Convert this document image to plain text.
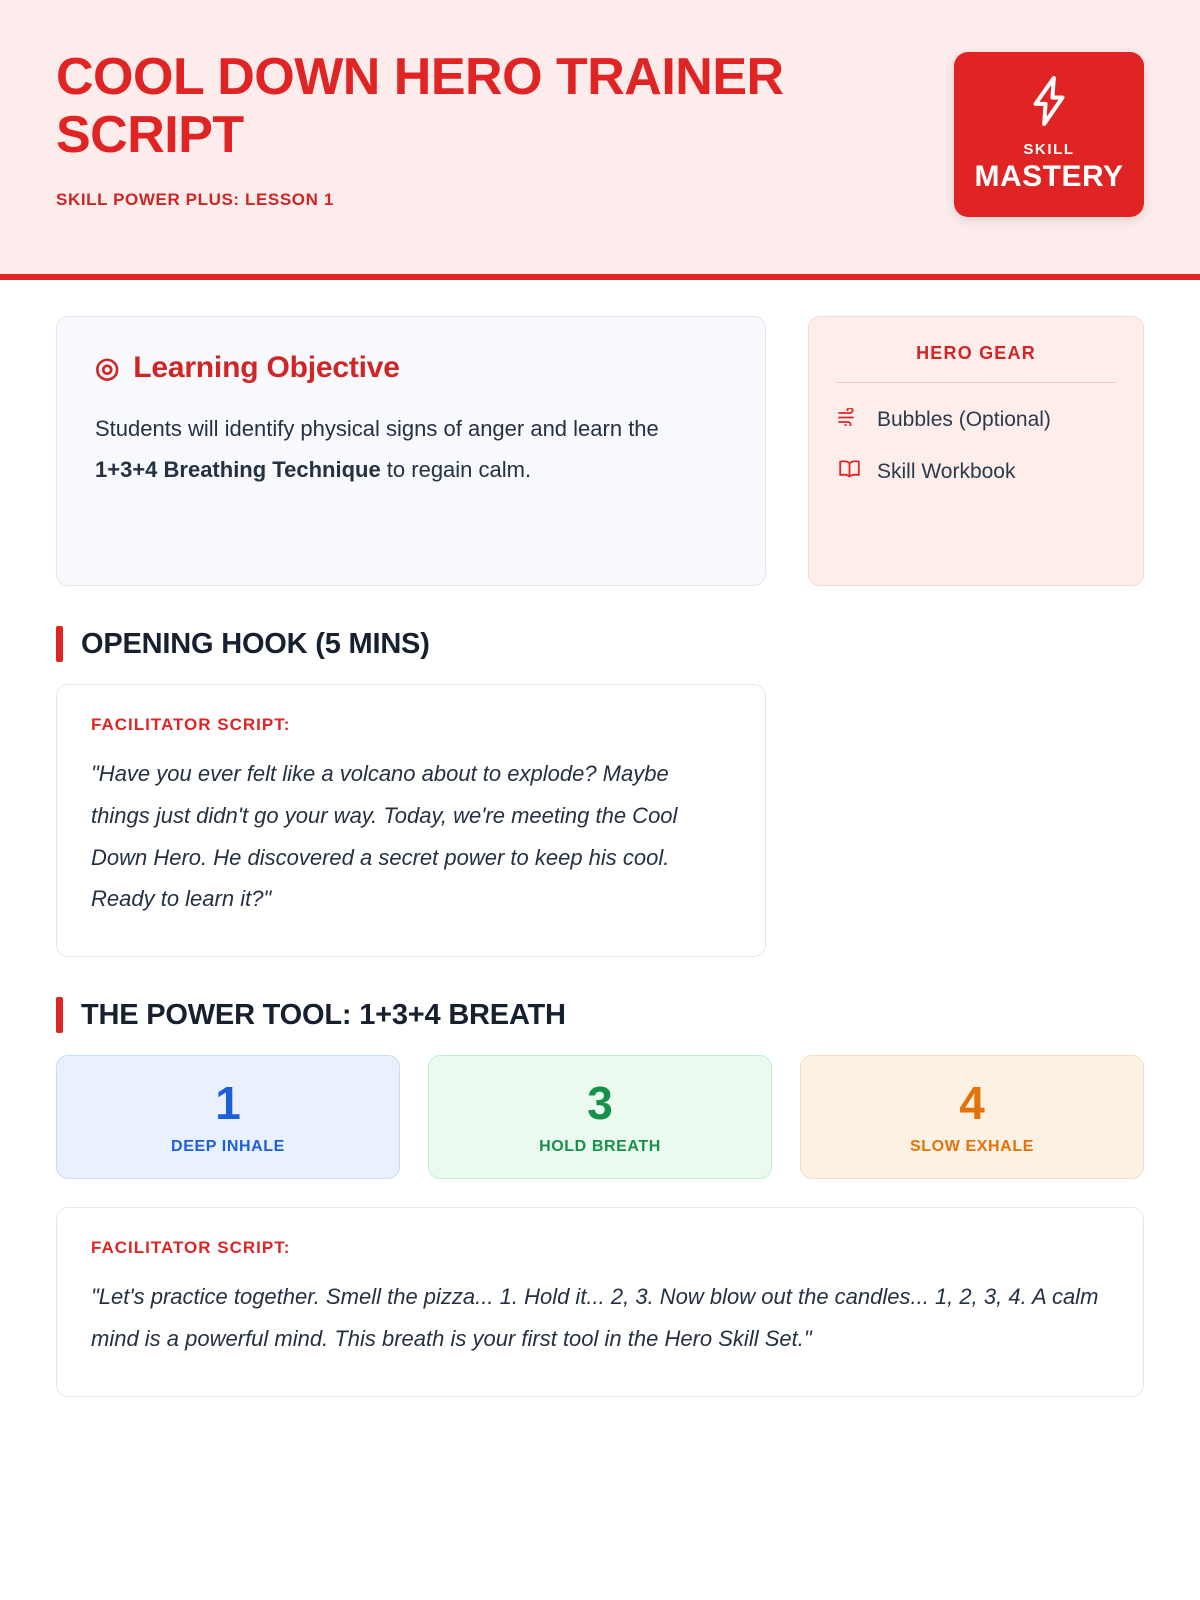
COOL DOWN HERO TRAINER SCRIPT
SKILL POWER PLUS: LESSON 1
SKILL
MASTERY
◎ Learning Objective
Students will identify physical signs of anger and learn the 1+3+4 Breathing Technique to regain calm.
HERO GEAR
Bubbles (Optional)
Skill Workbook
OPENING HOOK (5 MINS)
FACILITATOR SCRIPT:
"Have you ever felt like a volcano about to explode? Maybe things just didn't go your way. Today, we're meeting the Cool Down Hero. He discovered a secret power to keep his cool. Ready to learn it?"
THE POWER TOOL: 1+3+4 BREATH
1
DEEP INHALE
3
HOLD BREATH
4
SLOW EXHALE
FACILITATOR SCRIPT:
"Let's practice together. Smell the pizza... 1. Hold it... 2, 3. Now blow out the candles... 1, 2, 3, 4. A calm mind is a powerful mind. This breath is your first tool in the Hero Skill Set."
